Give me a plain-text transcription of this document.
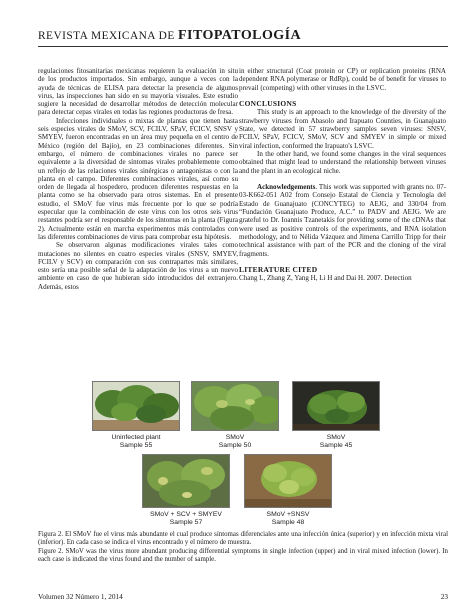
REVISTA MEXICANA DE FITOPATOLOGÍA

regulaciones fitosanitarias mexicanas requieren la evaluación in situ de los productos importados. Sin embargo, aunque a veces con la ayuda de técnicas de ELISA para detectar la presencia de algunos virus, las inspecciones han sido en su mayoría visuales. Este estudio sugiere la necesidad de desarrollar métodos de detección molecular para detectar cepas virales en todas las regiones productoras de fresa.

Infecciones individuales o mixtas de plantas que tienen hasta seis especies virales de SMoV, SCV, FCILV, SPaV, FCICV, SNSV y SMYEV, fueron encontradas en un área muy pequeña en el centro de México (región del Bajío), en 23 combinaciones diferentes. Sin embargo, el número de combinaciones virales no parece ser equivalente a la diversidad de síntomas virales probablemente como un reflejo de las relaciones virales sinérgicas o antagonistas o con la planta en el campo. Diferentes combinaciones virales, así como su orden de llegada al hospedero, producen diferentes respuestas en la planta como se ha observado para otros sistemas. En el presente estudio, el SMoV fue virus más frecuente por lo que se podría especular que la combinación de este virus con los otros seis virus restantes podría ser el responsable de los síntomas en la planta (Figura 2). Actualmente están en marcha experimentos más controlados con las diferentes combinaciones de virus para comprobar esta hipótesis.

Se observaron algunas modificaciones virales tales como mutaciones no silentes en cuatro especies virales (SNSV, SMYEV, FCILV y SCV) en comparación con sus contrapartes más similares, esto sería una posible señal de la adaptación de los virus a un nuevo ambiente en caso de que hubieran sido introducidos del extranjero. Además, estos

in either structural (Coat protein or CP) or replication proteins (RNA dependent RNA polymerase or RdRp), could be of benefit for viruses to prevail (competing) with other viruses in the LSVC.

CONCLUSIONS

This study is an approach to the knowledge of the diversity of the strawberry viruses from Abasolo and Irapuato Counties, in Guanajuato State, we detected in 57 strawberry samples seven viruses: SNSV, FCILV, SPaV, FCICV, SMoV, SCV and SMYEV in simple or mixed viral infection, conformed the Irapuato's LSVC.

In the other hand, we found some changes in the viral sequences obtained that might lead to understand the relationship between viruses and the plant in an ecological niche.

Acknowledgements. This work was supported with grants no. 07-03-K662-051 A02 from Consejo Estatal de Ciencia y Tecnología del Estado de Guanajuato (CONCYTEG) to AEJG, and 330/04 from “Fundación Guanajuato Produce, A.C.” to PADV and AEJG. We are grateful to Dr. Ioannis Tzanetakis for providing some of the cDNAs that were used as positive controls of the experiments, and RNA isolation methodology, and to Nélida Vázquez and Jimena Carrillo Tripp for their technical assistance with part of the PCR and the cloning of the viral fragments.

LITERATURE CITED

Chang L, Zhang Z, Yang H, Li H and Dai H. 2007. Detection

Uninfected plant
Sample 55
SMoV
Sample 50
SMoV
Sample 45
SMoV + SCV + SMYEV
Sample 57
SMoV +SNSV
Sample 48

Figura 2. El SMoV fue el virus más abundante el cual produce síntomas diferenciales ante una infección única (superior) y en infección mixta viral (inferior). En cada caso se indica el virus encontrado y el número de muestra.

Figure 2. SMoV was the virus more abundant producing differential symptoms in single infection (upper) and in viral mixed infection (lower). In each case is indicated the virus found and the number of sample.

Volumen 32 Número 1, 2014	23
